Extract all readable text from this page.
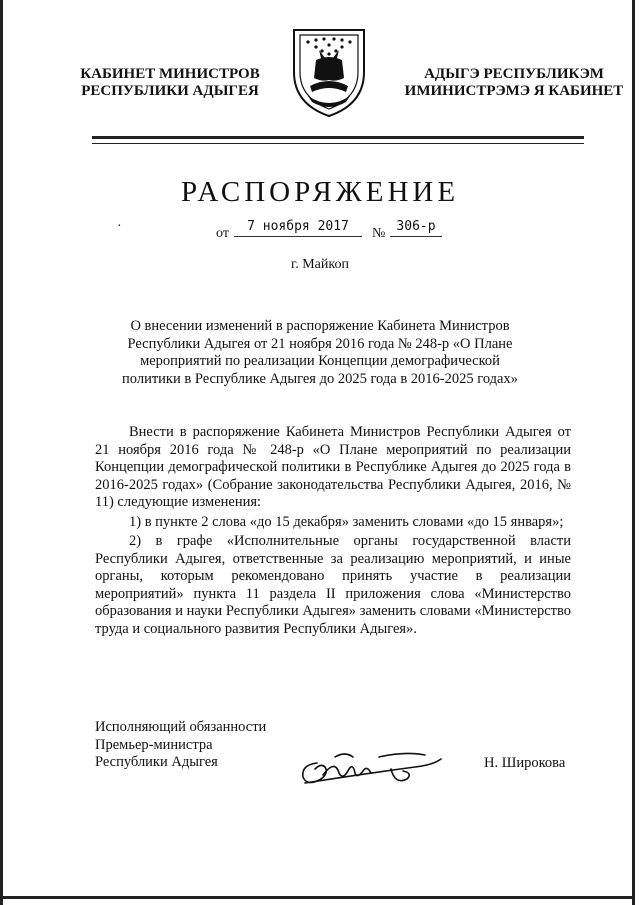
КАБИНЕТ МИНИСТРОВ
РЕСПУБЛИКИ АДЫГЕЯ
АДЫГЭ РЕСПУБЛИКЭМ
ИМИНИСТРЭМЭ Я КАБИНЕТ
РАСПОРЯЖЕНИЕ
·	от	7 ноября 2017	№ 306-р
г. Майкоп
О внесении изменений в распоряжение Кабинета Министров Республики Адыгея от 21 ноября 2016 года № 248-р «О Плане мероприятий по реализации Концепции демографической политики в Республике Адыгея до 2025 года в 2016-2025 годах»

Внести в распоряжение Кабинета Министров Республики Адыгея от 21 ноября 2016 года № 248-р «О Плане мероприятий по реализации Концепции демографической политики в Республике Адыгея до 2025 года в 2016-2025 годах» (Собрание законодательства Республики Адыгея, 2016, № 11) следующие изменения:

1) в пункте 2 слова «до 15 декабря» заменить словами «до 15 января»;

2) в графе «Исполнительные органы государственной власти Республики Адыгея, ответственные за реализацию мероприятий, и иные органы, которым рекомендовано принять участие в реализации мероприятий» пункта 11 раздела II приложения слова «Министерство образования и науки Республики Адыгея» заменить словами «Министерство труда и социального развития Республики Адыгея».

Исполняющий обязанности
Премьер-министра
Республики Адыгея	Н. Широкова
